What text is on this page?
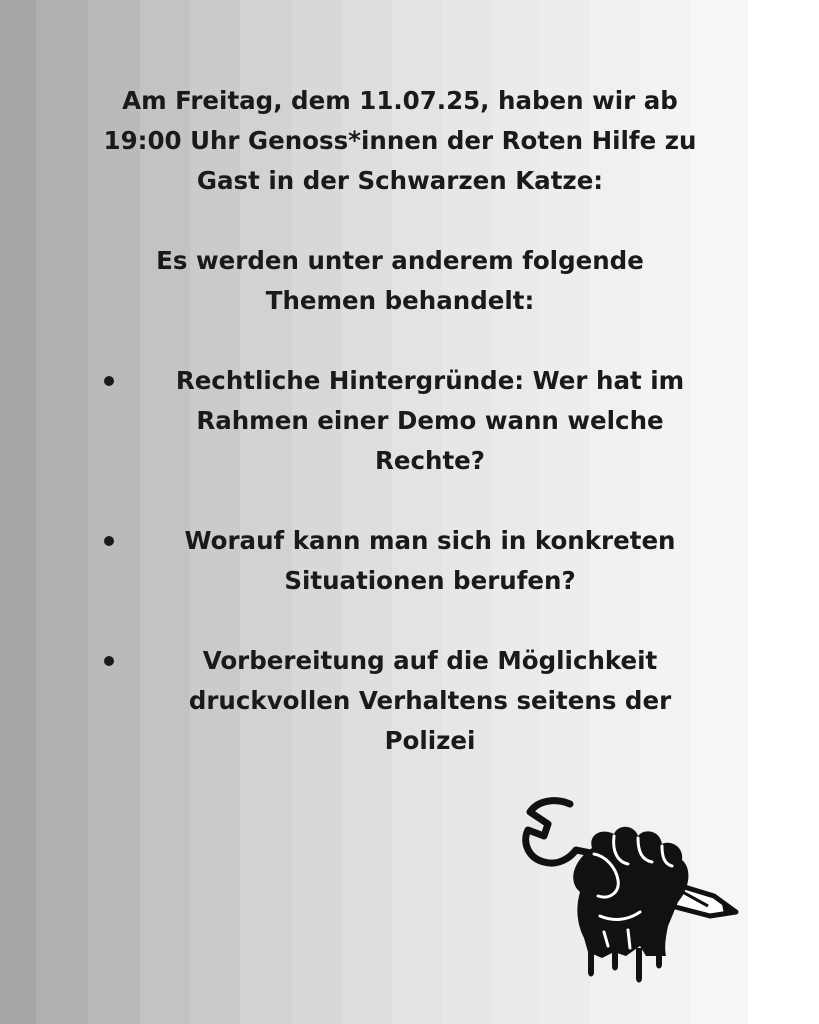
Am Freitag, dem 11.07.25, haben wir ab
19:00 Uhr Genoss*innen der Roten Hilfe zu
Gast in der Schwarzen Katze:

Es werden unter anderem folgende
Themen behandelt:

Rechtliche Hintergründe: Wer hat im
Rahmen einer Demo wann welche
Rechte?

Worauf kann man sich in konkreten
Situationen berufen?

Vorbereitung auf die Möglichkeit
druckvollen Verhaltens seitens der
Polizei
